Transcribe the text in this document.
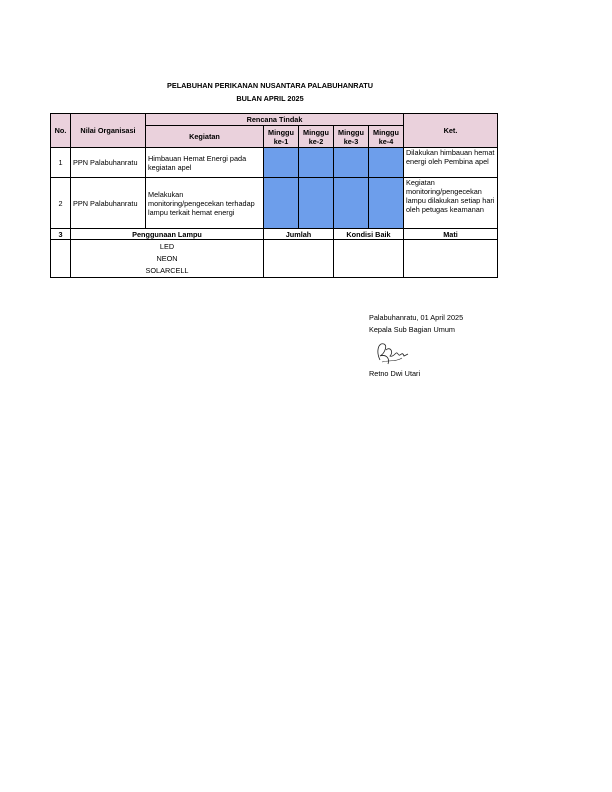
PELABUHAN PERIKANAN NUSANTARA PALABUHANRATU
BULAN APRIL 2025
No.	Nilai Organisasi	Rencana Tindak					Ket.
		Kegiatan	Minggu ke-1	Minggu ke-2	Minggu ke-3	Minggu ke-4	
1	PPN Palabuhanratu	Himbauan Hemat Energi pada kegiatan apel					Dilakukan himbauan hemat energi oleh Pembina apel
2	PPN Palabuhanratu	Melakukan monitoring/pengecekan terhadap lampu terkait hemat energi					Kegiatan monitoring/pengecekan lampu dilakukan setiap hari oleh petugas keamanan
3	Penggunaan Lampu		Jumlah		Kondisi Baik		Mati

	LED
NEON
SOLARCELL						

Palabuhanratu, 01 April 2025
Kepala Sub Bagian Umum
Retno Dwi Utari
